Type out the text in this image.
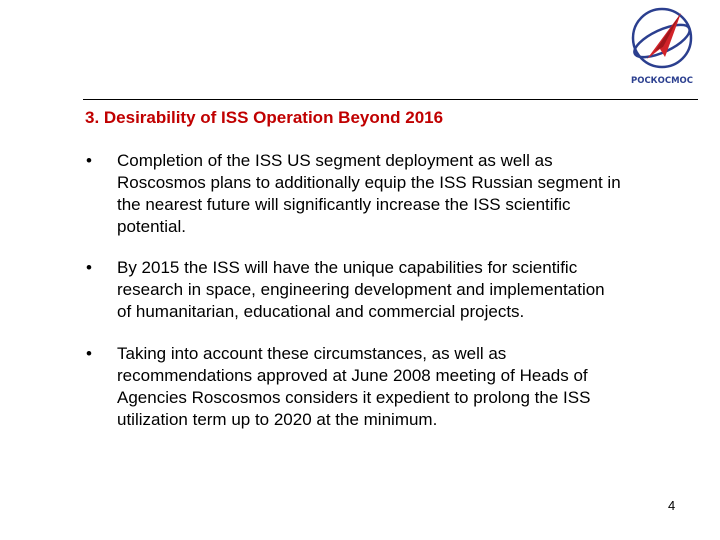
РОСКОСМОС
3. Desirability of ISS Operation Beyond 2016
• Completion of the ISS US segment deployment as well as
Roscosmos plans to additionally equip the ISS Russian segment in
the nearest future will significantly increase the ISS scientific
potential.
• By 2015 the ISS will have the unique capabilities for scientific
research in space, engineering development and implementation
of humanitarian, educational and commercial projects.
• Taking into account these circumstances, as well as
recommendations approved at June 2008 meeting of Heads of
Agencies Roscosmos considers it expedient to prolong the ISS
utilization term up to 2020 at the minimum.
4
